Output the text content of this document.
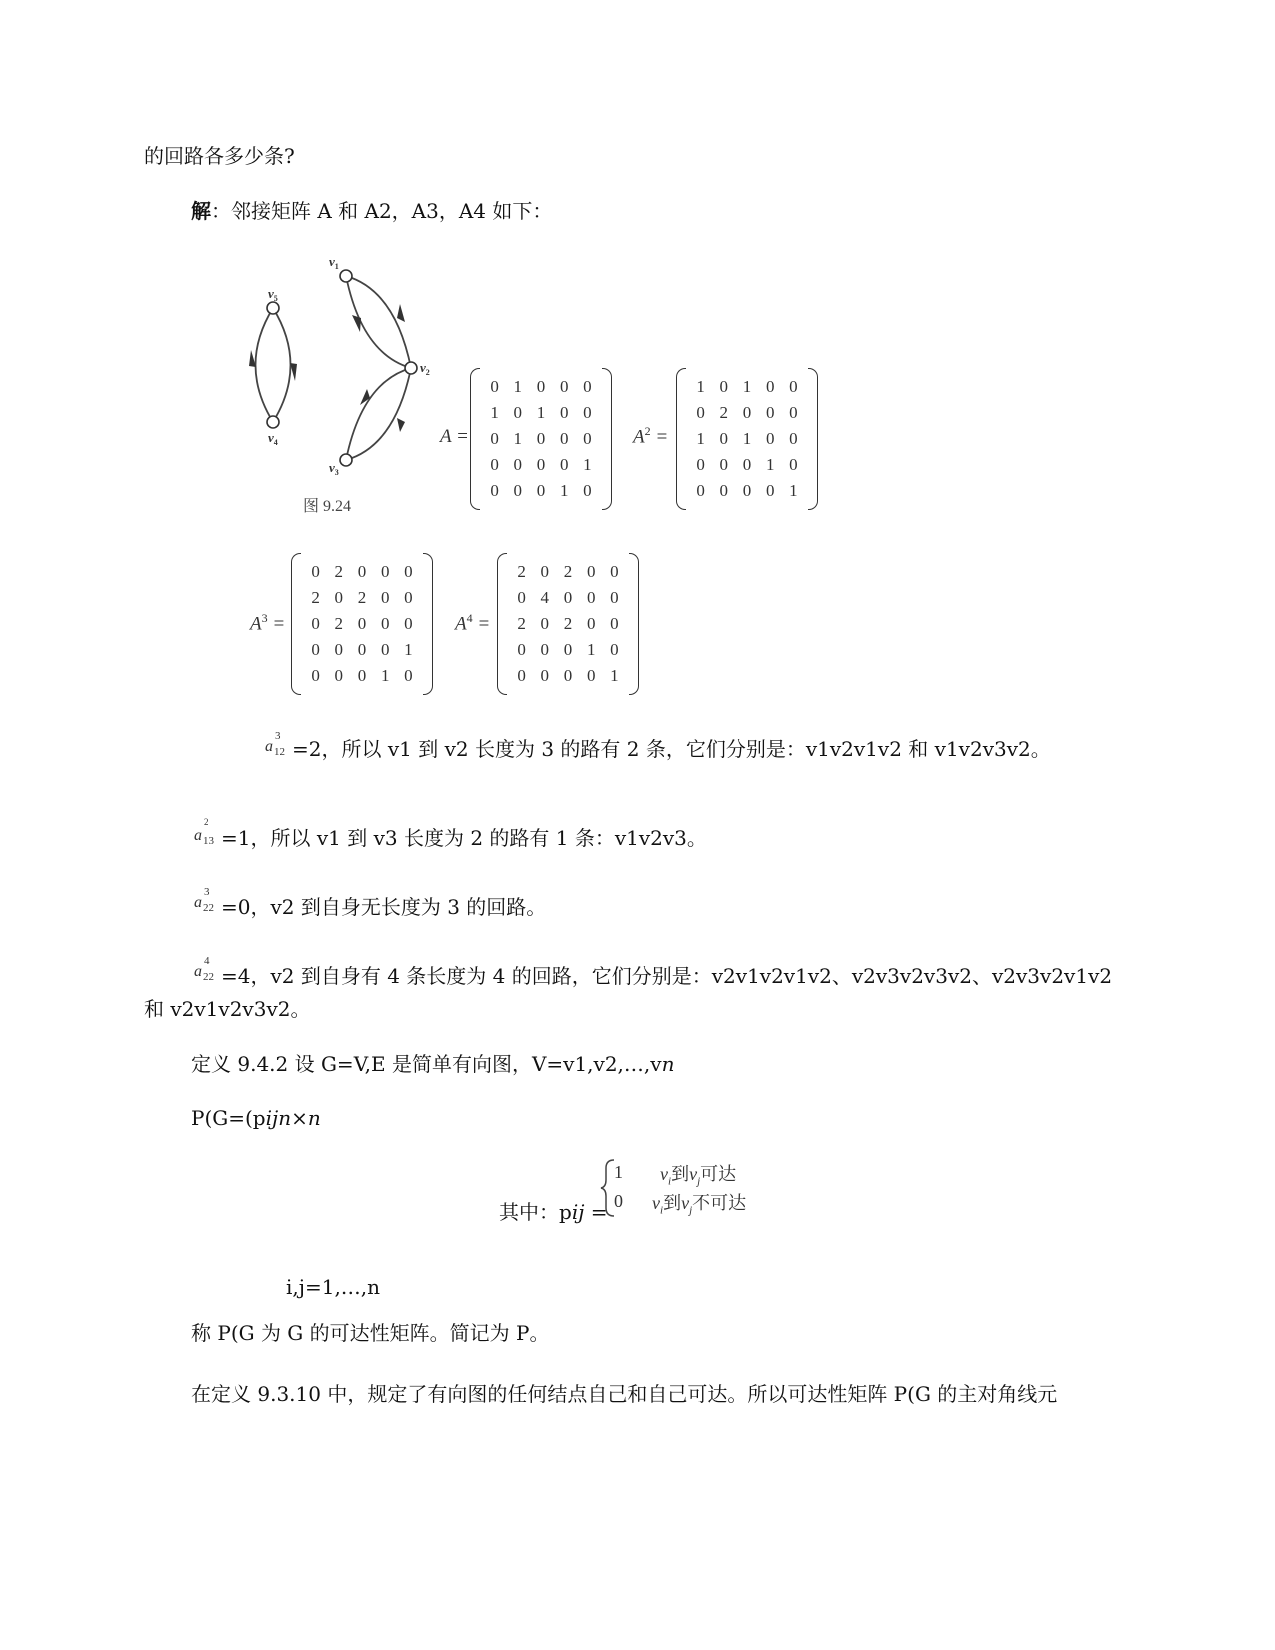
的回路各多少条?
解：邻接矩阵 A 和 A2，A3，A4 如下：
$v_5$
$v_4$
$v_1$
$v_2$
$v_3$
图 9.24
A =	$A^2$ =
$A^3$ =	$A^4$ =
0 1 0 0 0
1 0 1 0 0
0 1 0 0 0
0 0 0 0 1
0 0 0 1 0
1 0 1 0 0
0 2 0 0 0
1 0 1 0 0
0 0 0 1 0
0 0 0 0 1
0 2 0 0 0
2 0 2 0 0
0 2 0 0 0
0 0 0 0 1
0 0 0 1 0
2 0 2 0 0
0 4 0 0 0
2 0 2 0 0
0 0 0 1 0
0 0 0 0 1
a
3
12 =2，所以 v1 到 v2 长度为 3 的路有 2 条，它们分别是：v1v2v1v2 和 v1v2v3v2。
a
2
13 =1，所以 v1 到 v3 长度为 2 的路有 1 条：v1v2v3。
a
3
22 =0，v2 到自身无长度为 3 的回路。
a
4
22 =4，v2 到自身有 4 条长度为 4 的回路，它们分别是：v2v1v2v1v2、v2v3v2v3v2、v2v3v2v1v2
和 v2v1v2v3v2。
定义 9.4.2 设 G=V,E 是简单有向图，V=v1,v2,…,vn
P(G=(pijn×n
其中：pij =
1
0
$v_i$到$v_j$可达
$v_i$到$v_j$不可达
i,j=1,…,n
称 P(G 为 G 的可达性矩阵。简记为 P。
在定义 9.3.10 中，规定了有向图的任何结点自己和自己可达。所以可达性矩阵 P(G 的主对角线元
